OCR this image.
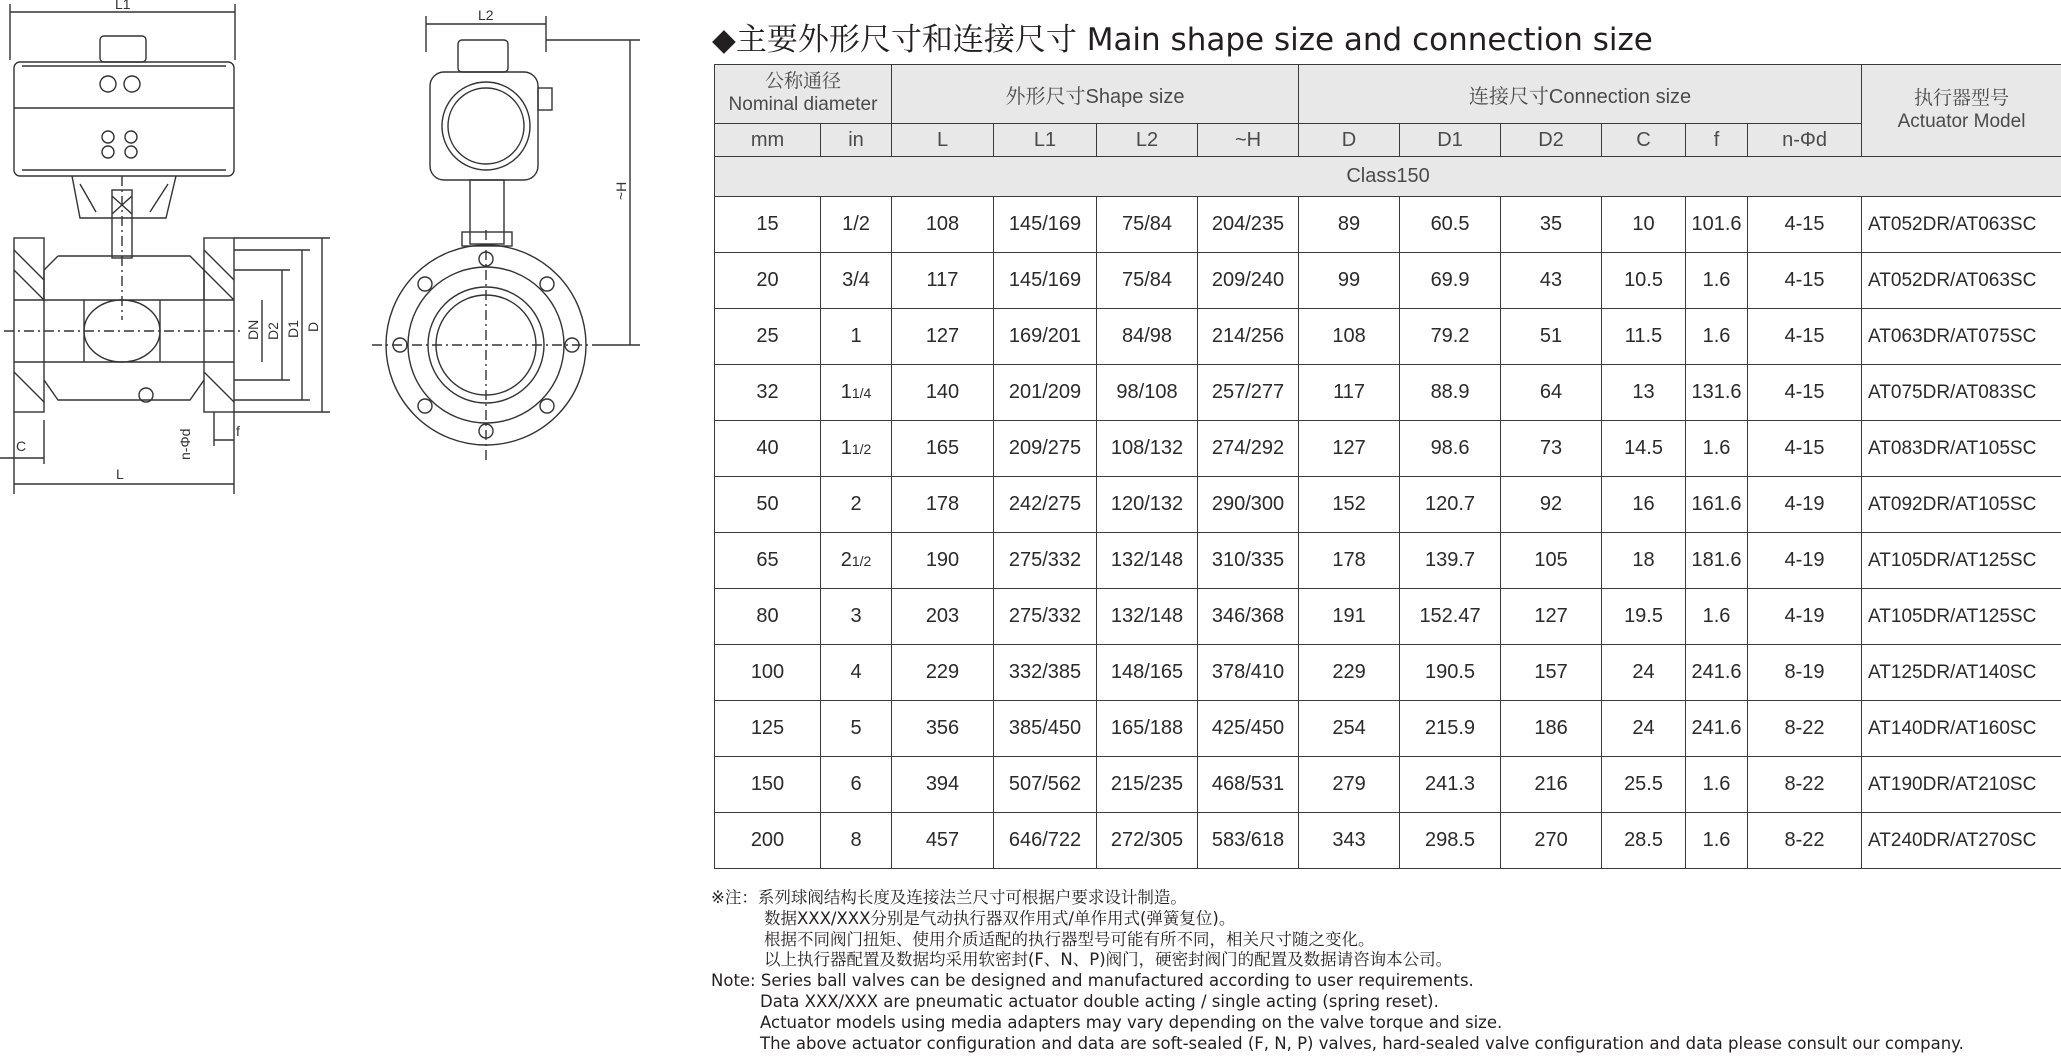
L1
L
C
f
n-Φd
DN D2 D1 D
L2
~H
◆主要外形尺寸和连接尺寸 Main shape size and connection size
公称通径
Nominal diameter		外形尺寸Shape size				连接尺寸Connection size						执行器型号
Actuator Model

mm	in	L	L1	L2	~H	D	D1	D2	C	f	n-Φd	
Class150												
15	1/2	108	145/169	75/84	204/235	89	60.5	35	10	101.6	4-15	AT052DR/AT063SC
20	3/4	117	145/169	75/84	209/240	99	69.9	43	10.5	1.6	4-15	AT052DR/AT063SC
25	1	127	169/201	84/98	214/256	108	79.2	51	11.5	1.6	4-15	AT063DR/AT075SC
32	11/4	140	201/209	98/108	257/277	117	88.9	64	13	131.6	4-15	AT075DR/AT083SC
40	11/2	165	209/275	108/132	274/292	127	98.6	73	14.5	1.6	4-15	AT083DR/AT105SC
50	2	178	242/275	120/132	290/300	152	120.7	92	16	161.6	4-19	AT092DR/AT105SC
65	21/2	190	275/332	132/148	310/335	178	139.7	105	18	181.6	4-19	AT105DR/AT125SC
80	3	203	275/332	132/148	346/368	191	152.47	127	19.5	1.6	4-19	AT105DR/AT125SC
100	4	229	332/385	148/165	378/410	229	190.5	157	24	241.6	8-19	AT125DR/AT140SC
125	5	356	385/450	165/188	425/450	254	215.9	186	24	241.6	8-22	AT140DR/AT160SC
150	6	394	507/562	215/235	468/531	279	241.3	216	25.5	1.6	8-22	AT190DR/AT210SC
200	8	457	646/722	272/305	583/618	343	298.5	270	28.5	1.6	8-22	AT240DR/AT270SC
※注：系列球阀结构长度及连接法兰尺寸可根据户要求设计制造。
数据XXX/XXX分别是气动执行器双作用式/单作用式(弹簧复位)。
根据不同阀门扭矩、使用介质适配的执行器型号可能有所不同，相关尺寸随之变化。
以上执行器配置及数据均采用软密封(F、N、P)阀门，硬密封阀门的配置及数据请咨询本公司。
Note: Series ball valves can be designed and manufactured according to user requirements.
Data XXX/XXX are pneumatic actuator double acting / single acting (spring reset).
Actuator models using media adapters may vary depending on the valve torque and size.
The above actuator configuration and data are soft-sealed (F, N, P) valves, hard-sealed valve configuration and data please consult our company.
